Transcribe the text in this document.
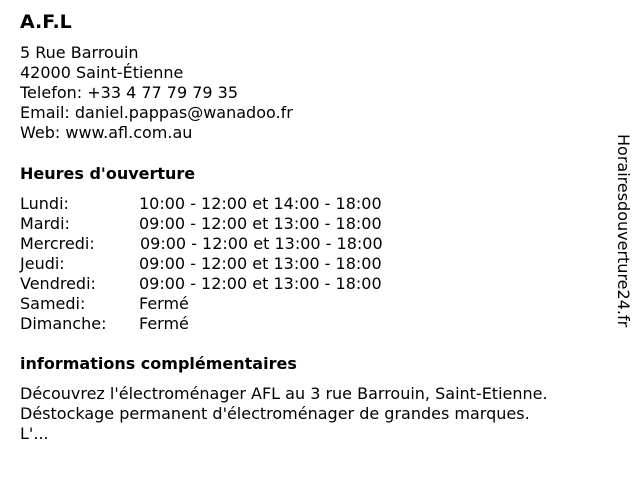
A.F.L
5 Rue Barrouin
42000 Saint-Étienne
Telefon: +33 4 77 79 79 35
Email: daniel.pappas@wanadoo.fr
Web: www.afl.com.au
Heures d'ouverture
Lundi:	10:00 - 12:00 et 14:00 - 18:00
Mardi:	09:00 - 12:00 et 13:00 - 18:00
Mercredi:	09:00 - 12:00 et 13:00 - 18:00
Jeudi:	09:00 - 12:00 et 13:00 - 18:00
Vendredi:	09:00 - 12:00 et 13:00 - 18:00
Samedi:	Fermé
Dimanche: Fermé
informations complémentaires
Découvrez l'électroménager AFL au 3 rue Barrouin, Saint-Etienne.
Déstockage permanent d'électroménager de grandes marques.
L'...
Horairesdouverture24.fr
